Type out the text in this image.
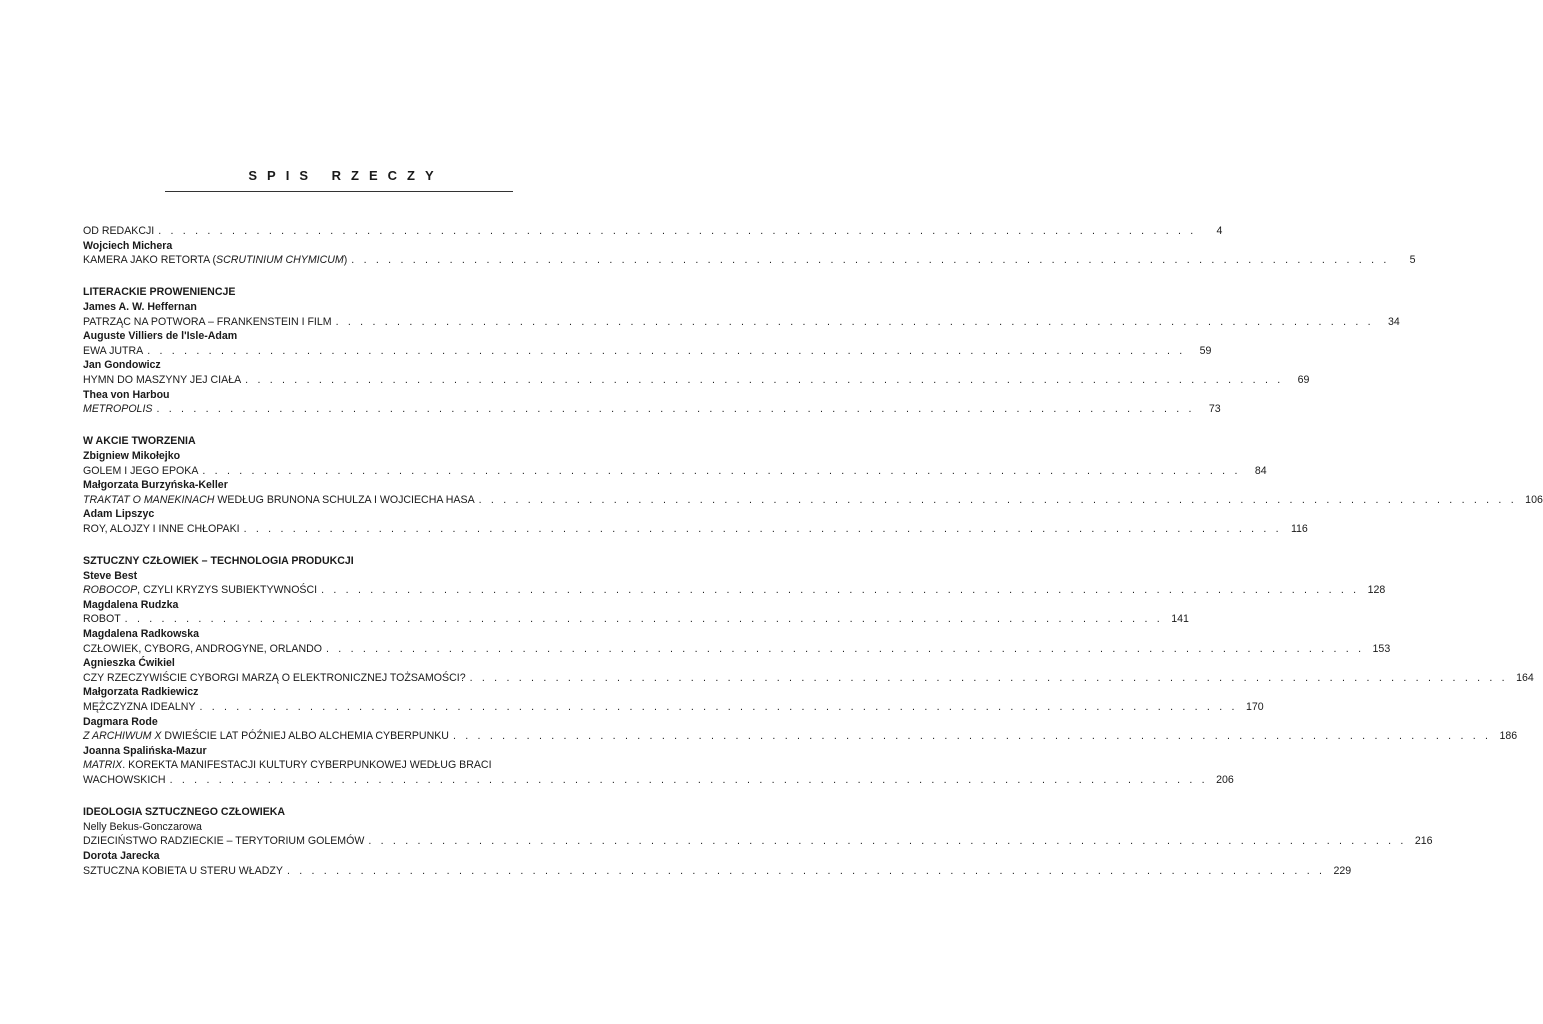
SPIS RZECZY
OD REDAKCJI . . . . . . . . . . . . . . . . . . . . . . . . . . . . . . . . . . . . . . . . . . . . . . . . . . . . . . . . . . . . . . . . . . . . . . . . . . . . . . . . . . . . .	4
Wojciech Michera
KAMERA JAKO RETORTA (SCRUTINIUM CHYMICUM) . . . . . . . . . . . . . . . . . . . . . . . . . . . . . . . . . . . . . . . . . . . . . . . . . . . . . . . . . . . . . . . . . . . . . . . . . . . . . . . . . . . . .	5
LITERACKIE PROWENIENCJE
James A. W. Heffernan
PATRZĄC NA POTWORA – FRANKENSTEIN I FILM . . . . . . . . . . . . . . . . . . . . . . . . . . . . . . . . . . . . . . . . . . . . . . . . . . . . . . . . . . . . . . . . . . . . . . . . . . . . . . . . . . . . .	34
Auguste Villiers de l'Isle-Adam
EWA JUTRA . . . . . . . . . . . . . . . . . . . . . . . . . . . . . . . . . . . . . . . . . . . . . . . . . . . . . . . . . . . . . . . . . . . . . . . . . . . . . . . . . . . . .	59
Jan Gondowicz
HYMN DO MASZYNY JEJ CIAŁA . . . . . . . . . . . . . . . . . . . . . . . . . . . . . . . . . . . . . . . . . . . . . . . . . . . . . . . . . . . . . . . . . . . . . . . . . . . . . . . . . . . . .	69
Thea von Harbou
METROPOLIS . . . . . . . . . . . . . . . . . . . . . . . . . . . . . . . . . . . . . . . . . . . . . . . . . . . . . . . . . . . . . . . . . . . . . . . . . . . . . . . . . . . . .	73
W AKCIE TWORZENIA
Zbigniew Mikołejko
GOLEM I JEGO EPOKA . . . . . . . . . . . . . . . . . . . . . . . . . . . . . . . . . . . . . . . . . . . . . . . . . . . . . . . . . . . . . . . . . . . . . . . . . . . . . . . . . . . . .	84
Małgorzata Burzyńska-Keller
TRAKTAT O MANEKINACH WEDŁUG BRUNONA SCHULZA I WOJCIECHA HASA . . . . . . . . . . . . . . . . . . . . . . . . . . . . . . . . . . . . . . . . . . . . . . . . . . . . . . . . . . . . . . . . . . . . . . . . . . . . . . . . . . . . . 106
Adam Lipszyc
ROY, ALOJZY I INNE CHŁOPAKI . . . . . . . . . . . . . . . . . . . . . . . . . . . . . . . . . . . . . . . . . . . . . . . . . . . . . . . . . . . . . . . . . . . . . . . . . . . . . . . . . . . . . 116
SZTUCZNY CZŁOWIEK – TECHNOLOGIA PRODUKCJI
Steve Best
ROBOCOP, CZYLI KRYZYS SUBIEKTYWNOŚCI . . . . . . . . . . . . . . . . . . . . . . . . . . . . . . . . . . . . . . . . . . . . . . . . . . . . . . . . . . . . . . . . . . . . . . . . . . . . . . . . . . . . . 128
Magdalena Rudzka
ROBOT . . . . . . . . . . . . . . . . . . . . . . . . . . . . . . . . . . . . . . . . . . . . . . . . . . . . . . . . . . . . . . . . . . . . . . . . . . . . . . . . . . . . . 141
Magdalena Radkowska
CZŁOWIEK, CYBORG, ANDROGYNE, ORLANDO . . . . . . . . . . . . . . . . . . . . . . . . . . . . . . . . . . . . . . . . . . . . . . . . . . . . . . . . . . . . . . . . . . . . . . . . . . . . . . . . . . . . . 153
Agnieszka Ćwikiel
CZY RZECZYWIŚCIE CYBORGI MARZĄ O ELEKTRONICZNEJ TOŻSAMOŚCI? . . . . . . . . . . . . . . . . . . . . . . . . . . . . . . . . . . . . . . . . . . . . . . . . . . . . . . . . . . . . . . . . . . . . . . . . . . . . . . . . . . . . . 164
Małgorzata Radkiewicz
MĘŻCZYZNA IDEALNY . . . . . . . . . . . . . . . . . . . . . . . . . . . . . . . . . . . . . . . . . . . . . . . . . . . . . . . . . . . . . . . . . . . . . . . . . . . . . . . . . . . . . 170
Dagmara Rode
Z ARCHIWUM X DWIEŚCIE LAT PÓŹNIEJ ALBO ALCHEMIA CYBERPUNKU . . . . . . . . . . . . . . . . . . . . . . . . . . . . . . . . . . . . . . . . . . . . . . . . . . . . . . . . . . . . . . . . . . . . . . . . . . . . . . . . . . . . . 186
Joanna Spalińska-Mazur
MATRIX. KOREKTA MANIFESTACJI KULTURY CYBERPUNKOWEJ WEDŁUG BRACI
WACHOWSKICH . . . . . . . . . . . . . . . . . . . . . . . . . . . . . . . . . . . . . . . . . . . . . . . . . . . . . . . . . . . . . . . . . . . . . . . . . . . . . . . . . . . . . 206
IDEOLOGIA SZTUCZNEGO CZŁOWIEKA
Nelly Bekus-Gonczarowa
DZIECIŃSTWO RADZIECKIE – TERYTORIUM GOLEMÓW . . . . . . . . . . . . . . . . . . . . . . . . . . . . . . . . . . . . . . . . . . . . . . . . . . . . . . . . . . . . . . . . . . . . . . . . . . . . . . . . . . . . . 216
Dorota Jarecka
SZTUCZNA KOBIETA U STERU WŁADZY . . . . . . . . . . . . . . . . . . . . . . . . . . . . . . . . . . . . . . . . . . . . . . . . . . . . . . . . . . . . . . . . . . . . . . . . . . . . . . . . . . . . . 229
